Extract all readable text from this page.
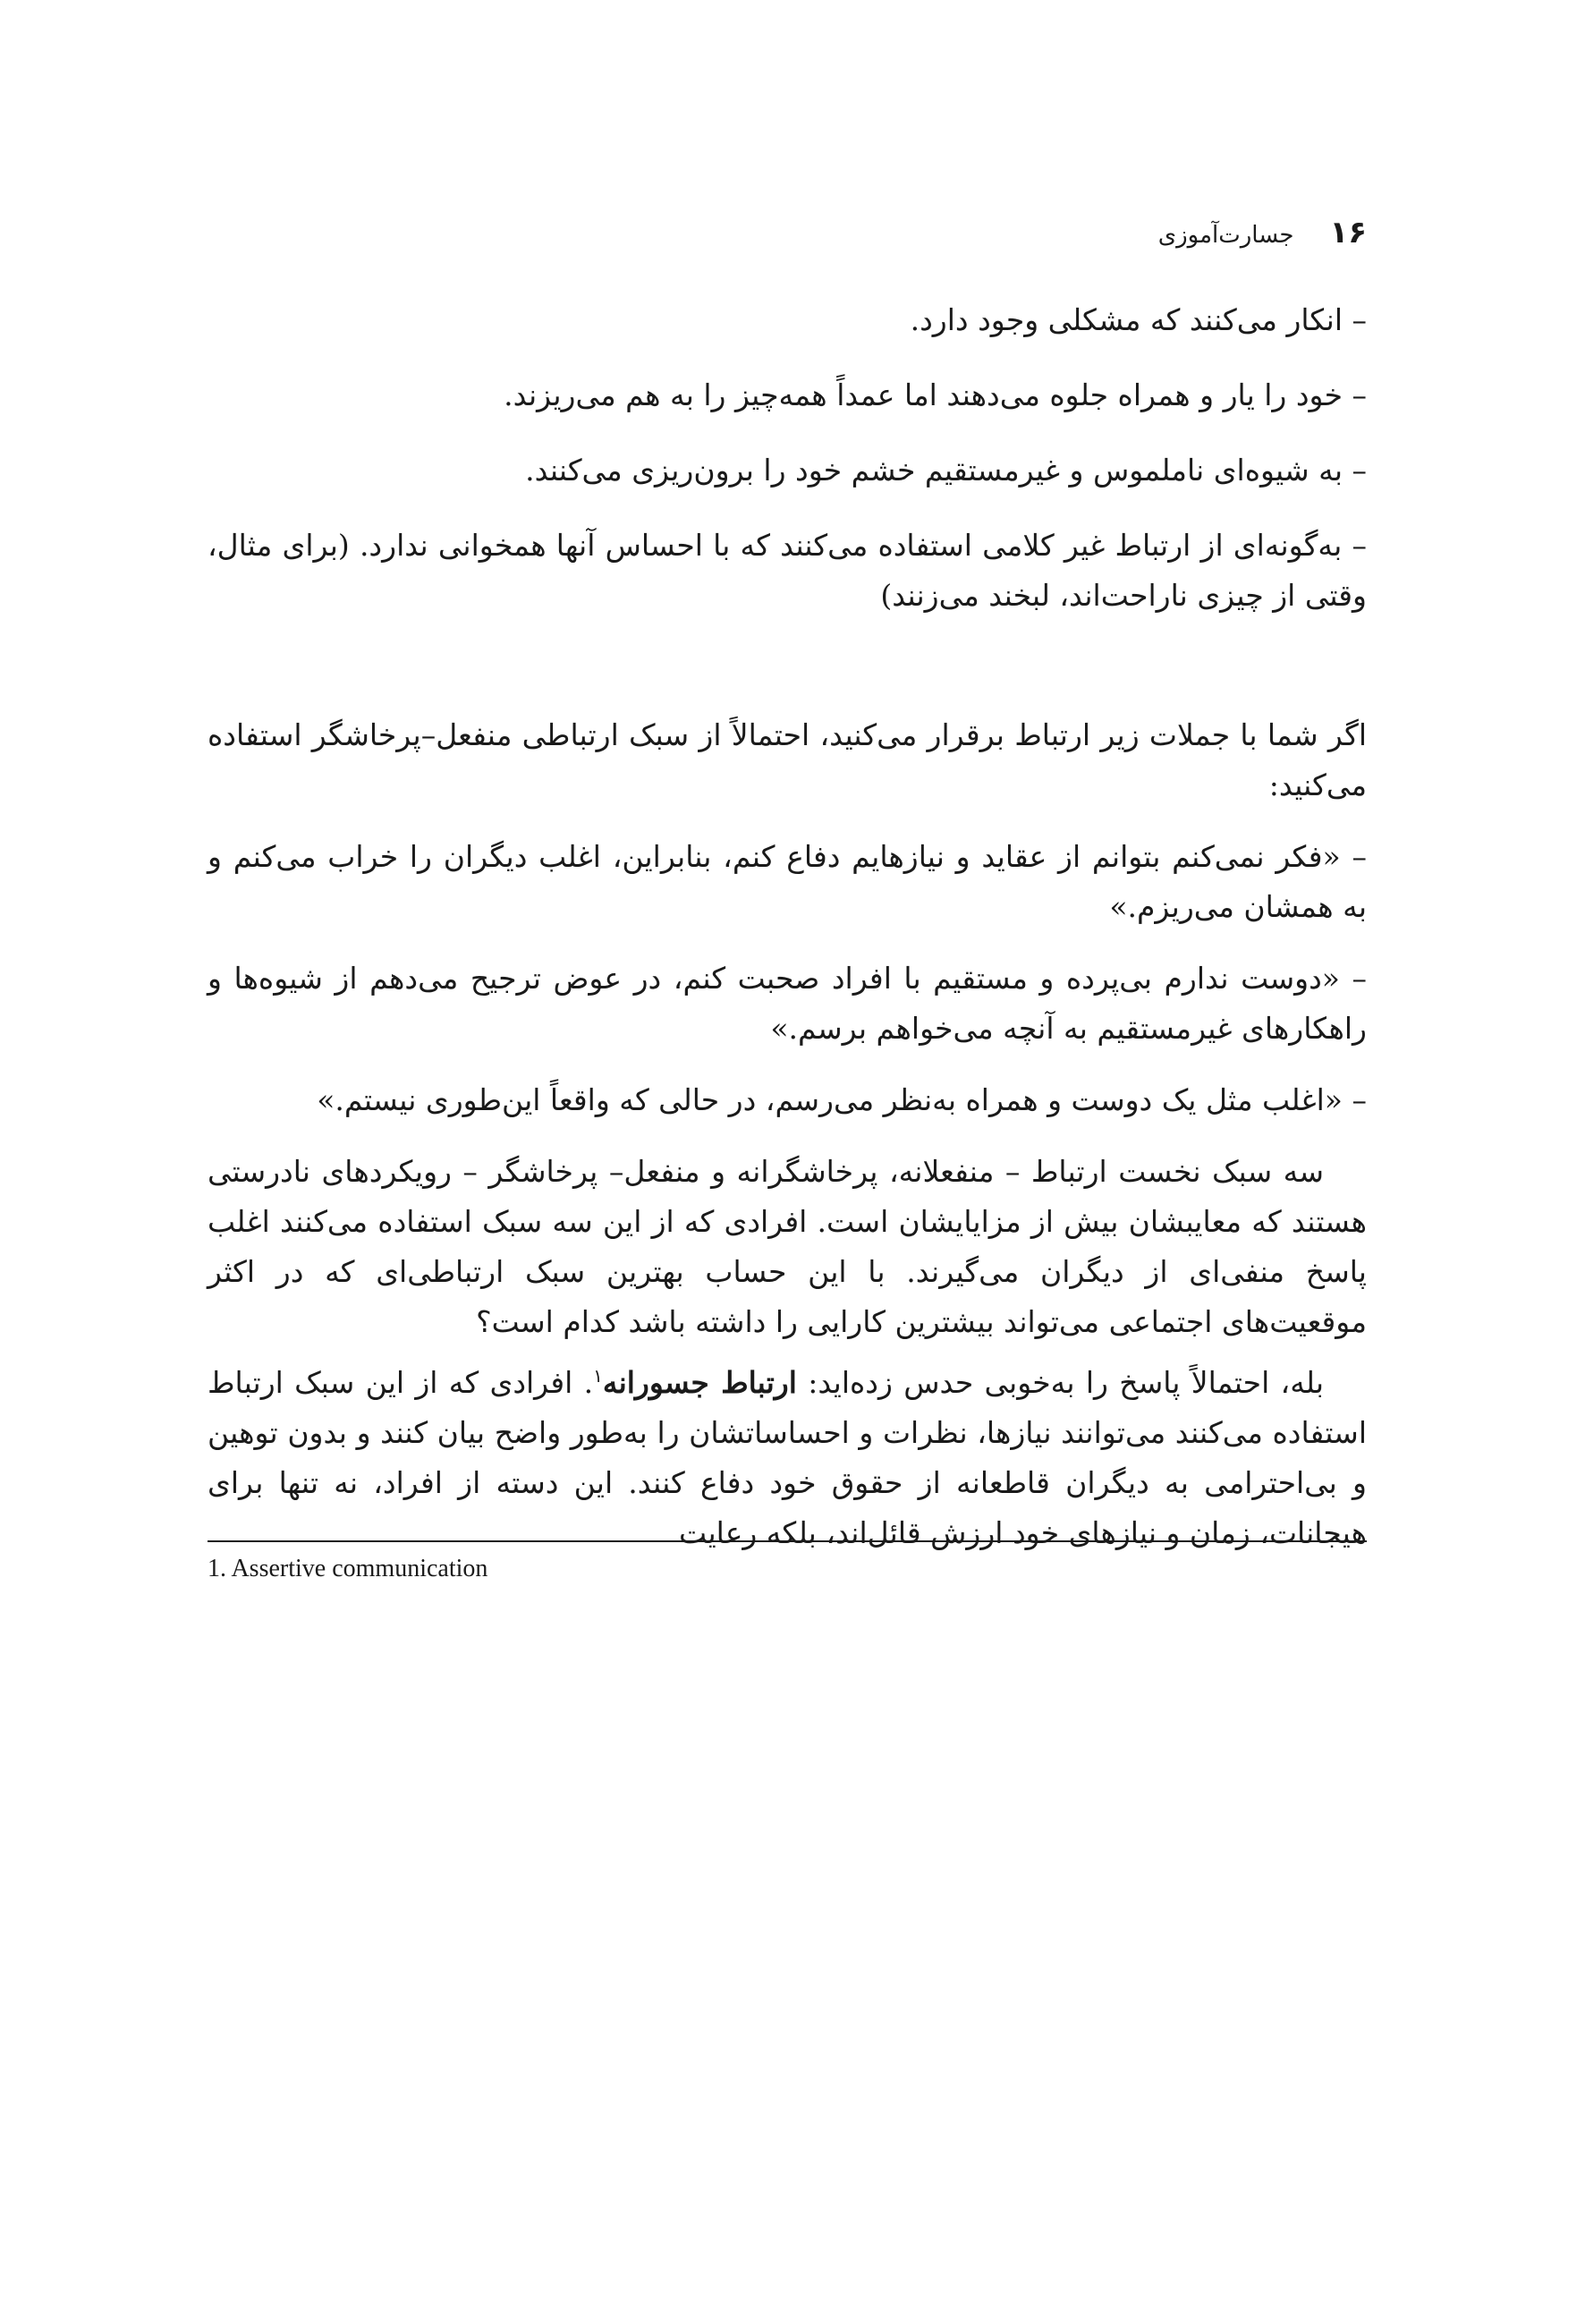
۱۶
جسارت‌آموزی

– انکار می‌کنند که مشکلی وجود دارد.

– خود را یار و همراه جلوه می‌دهند اما عمداً همه‌چیز را به هم می‌ریزند.

– به شیوه‌ای ناملموس و غیرمستقیم خشم خود را برون‌ریزی می‌کنند.

– به‌گونه‌ای از ارتباط غیر کلامی استفاده می‌کنند که با احساس آنها همخوانی ندارد. (برای مثال، وقتی از چیزی ناراحت‌اند، لبخند می‌زنند)

اگر شما با جملات زیر ارتباط برقرار می‌کنید، احتمالاً از سبک ارتباطی منفعل–پرخاشگر استفاده می‌کنید:

– «فکر نمی‌کنم بتوانم از عقاید و نیازهایم دفاع کنم، بنابراین، اغلب دیگران را خراب می‌کنم و به همشان می‌ریزم.»

– «دوست ندارم بی‌پرده و مستقیم با افراد صحبت کنم، در عوض ترجیح می‌دهم از شیوه‌ها و راهکارهای غیرمستقیم به آنچه می‌خواهم برسم.»

– «اغلب مثل یک دوست و همراه به‌نظر می‌رسم، در حالی که واقعاً این‌طوری نیستم.»

سه سبک نخست ارتباط – منفعلانه، پرخاشگرانه و منفعل– پرخاشگر – رویکردهای نادرستی هستند که معایبشان بیش از مزایایشان است. افرادی که از این سه سبک استفاده می‌کنند اغلب پاسخ منفی‌ای از دیگران می‌گیرند. با این حساب بهترین سبک ارتباطی‌ای که در اکثر موقعیت‌های اجتماعی می‌تواند بیشترین کارایی را داشته باشد کدام است؟

بله، احتمالاً پاسخ را به‌خوبی حدس زده‌اید: ارتباط جسورانه$^۱$. افرادی که از این سبک ارتباط استفاده می‌کنند می‌توانند نیازها، نظرات و احساساتشان را به‌طور واضح بیان کنند و بدون توهین و بی‌احترامی به دیگران قاطعانه از حقوق خود دفاع کنند. این دسته از افراد، نه تنها برای هیجانات، زمان و نیازهای خود ارزش قائل‌اند، بلکه رعایت

1. Assertive communication
